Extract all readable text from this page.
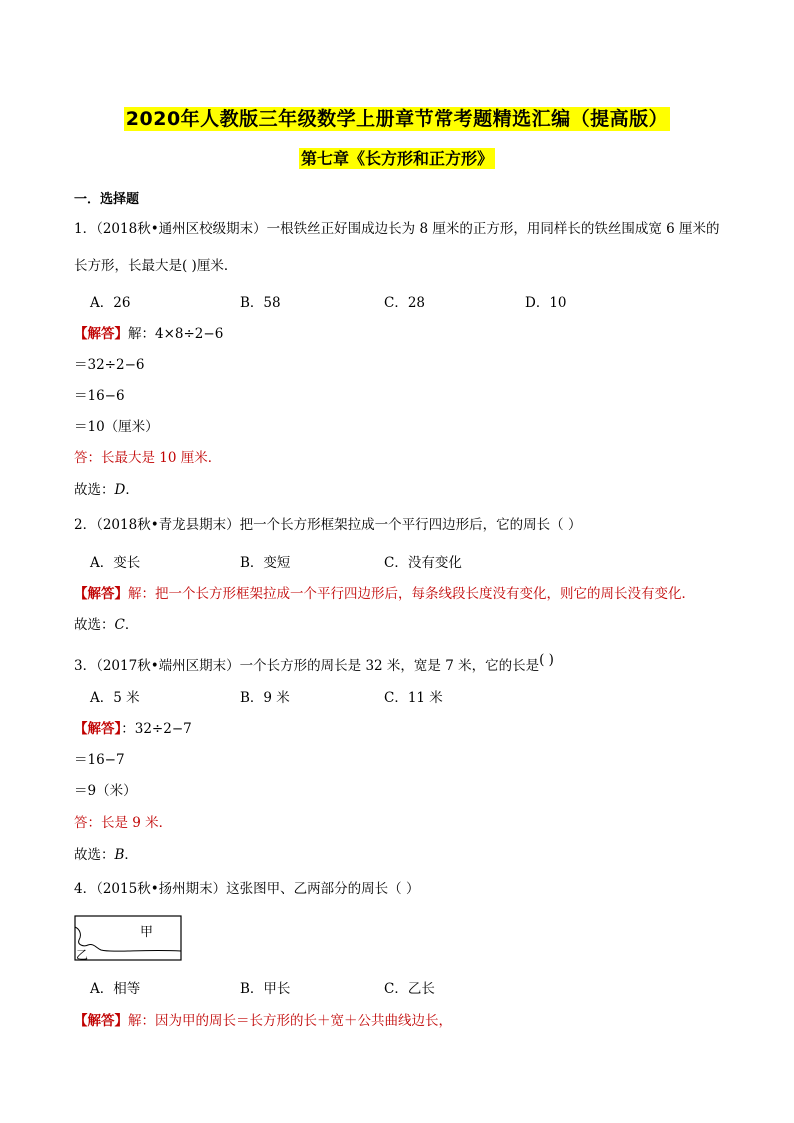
2020年人教版三年级数学上册章节常考题精选汇编（提高版）
第七章《长方形和正方形》
一．选择题
1．（2018秋•通州区校级期末）一根铁丝正好围成边长为 8 厘米的正方形，用同样长的铁丝围成宽 6 厘米的
长方形，长最大是( )厘米．
A．26	B．58	C．28	D．10
【解答】解：4×8÷2−6
＝32÷2−6
＝16−6
＝10（厘米）
答：长最大是 10 厘米．
故选：D．
2．（2018秋•青龙县期末）把一个长方形框架拉成一个平行四边形后，它的周长（ ）
A．变长	B．变短	C．没有变化
【解答】解：把一个长方形框架拉成一个平行四边形后，每条线段长度没有变化，则它的周长没有变化．
故选：C．
3．（2017秋•端州区期末）一个长方形的周长是 32 米，宽是 7 米，它的长是( )
A．5 米	B．9 米	C．11 米
【解答】：32÷2−7
＝16−7
＝9（米）
答：长是 9 米．
故选：B．
4．（2015秋•扬州期末）这张图甲、乙两部分的周长（ ）
甲
乙
A．相等	B．甲长	C．乙长
【解答】解：因为甲的周长＝长方形的长＋宽＋公共曲线边长，
